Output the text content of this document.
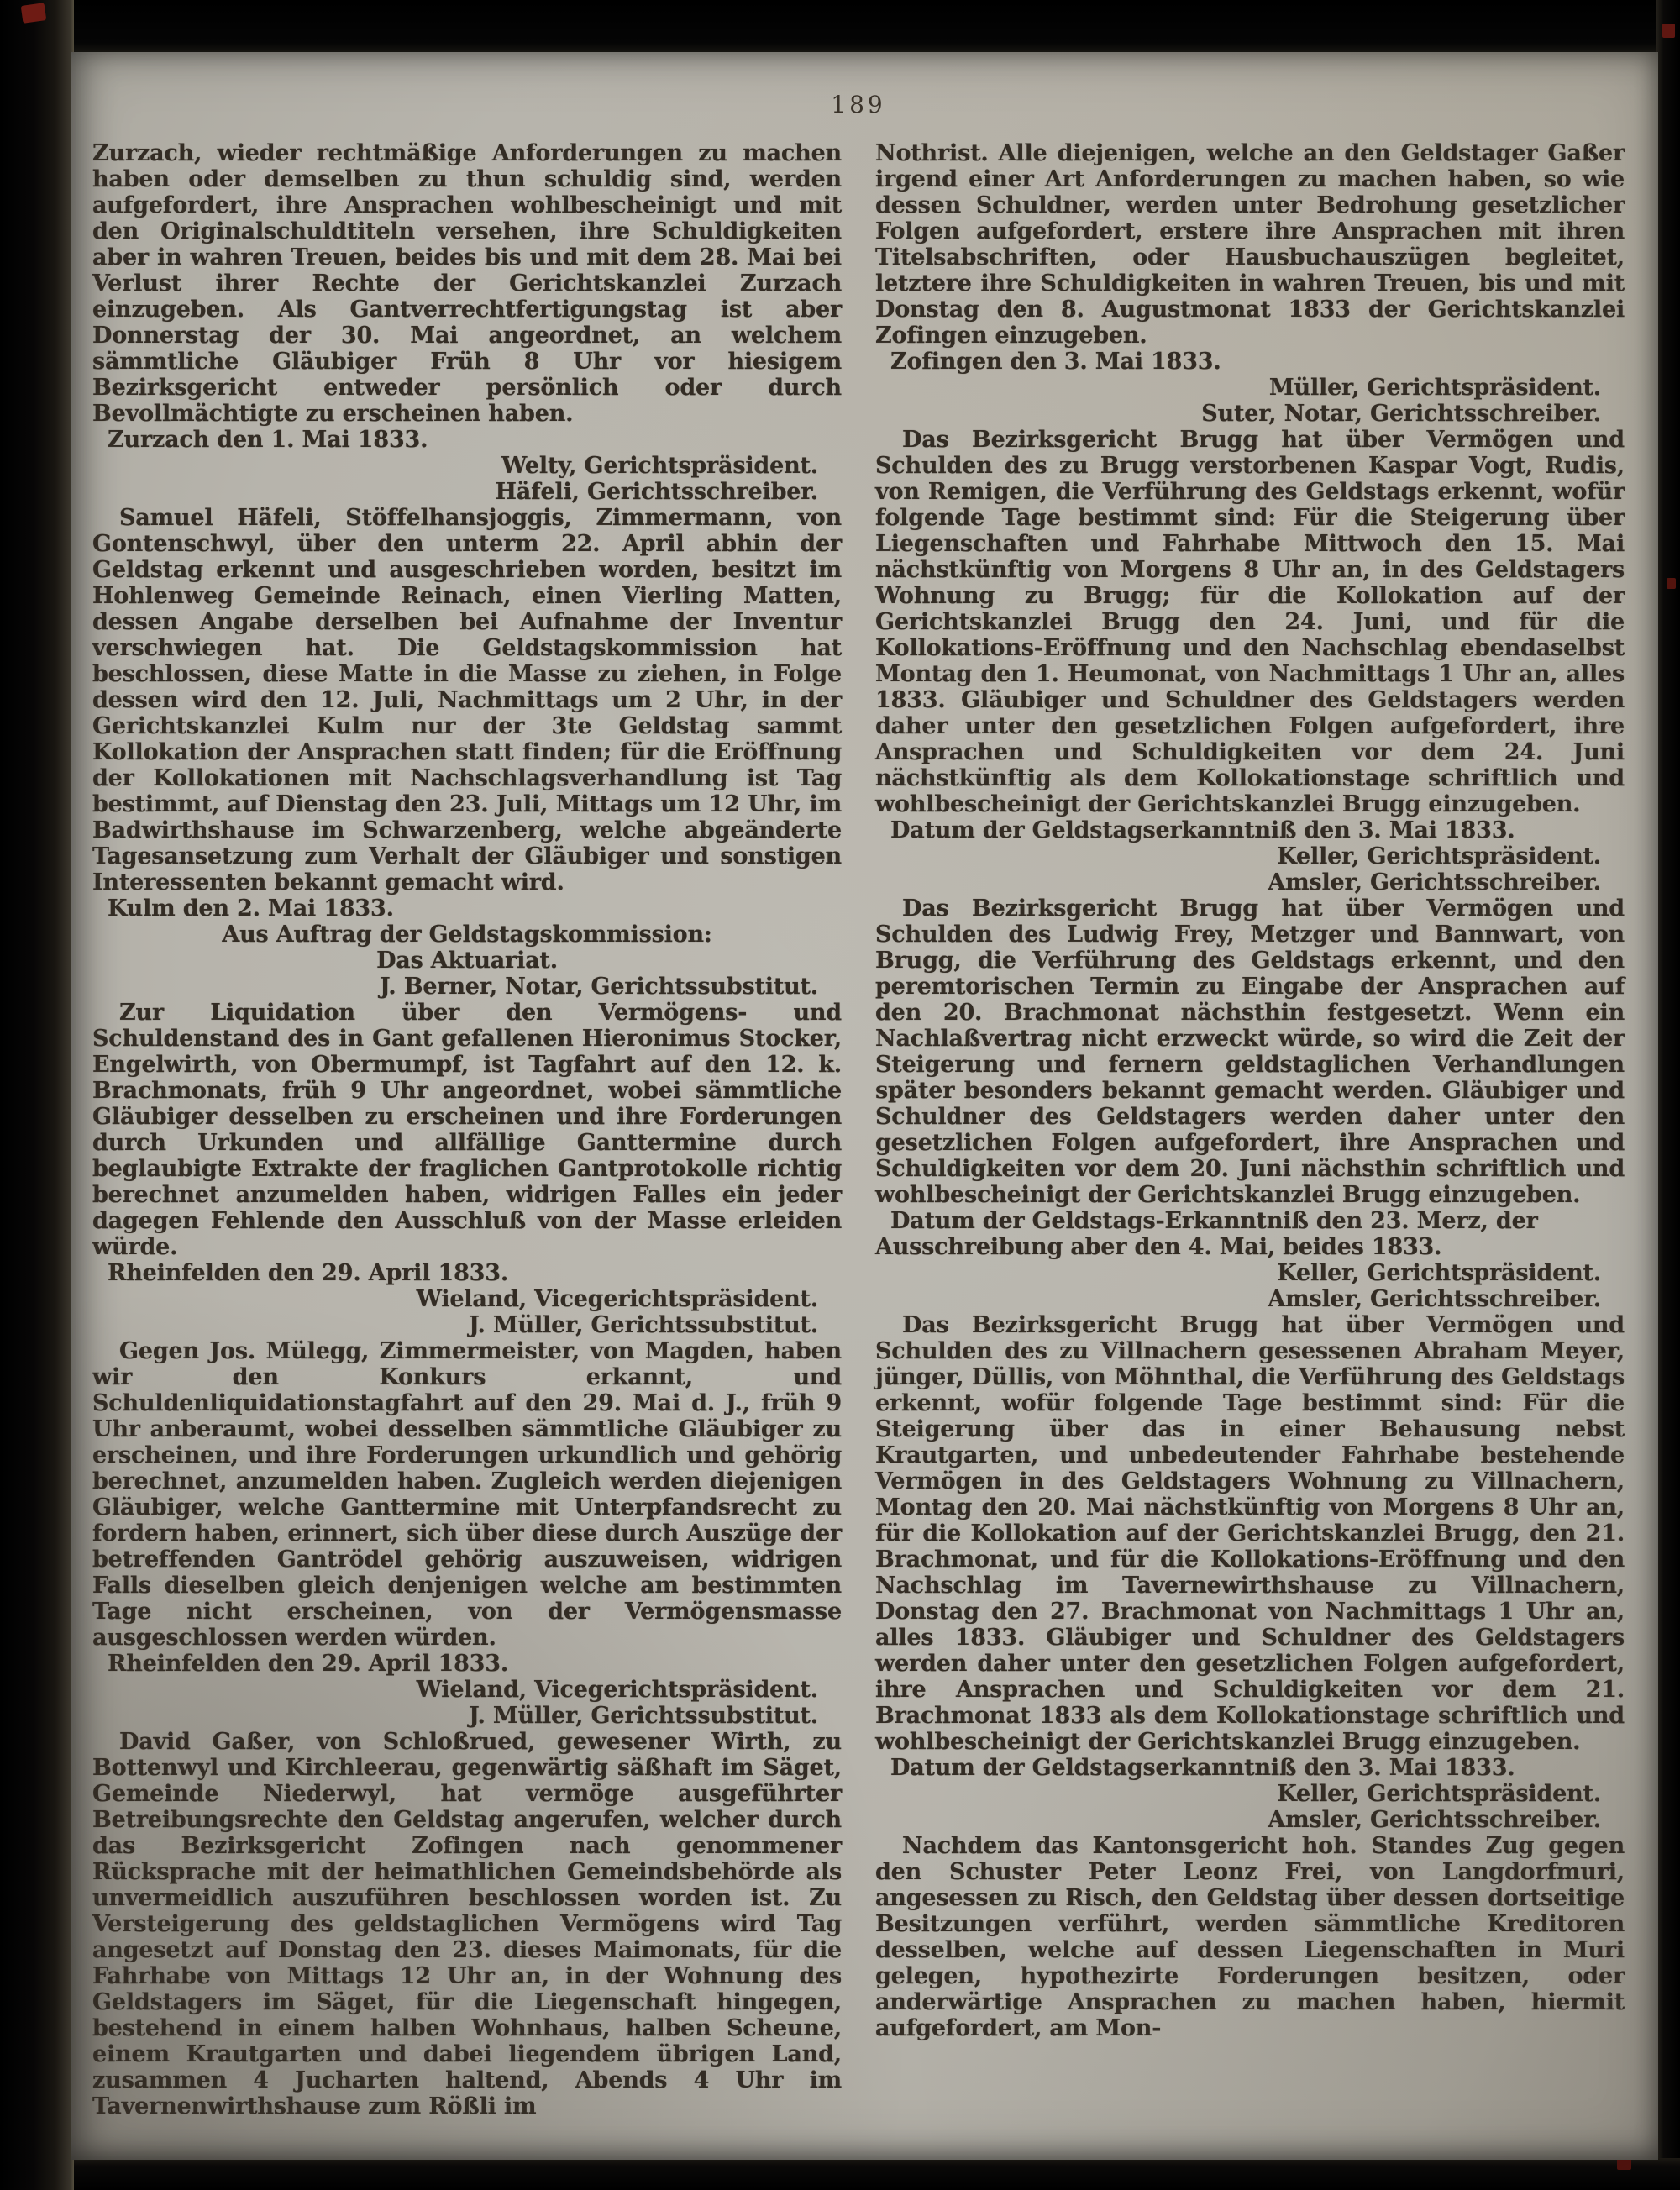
189
Zurzach, wieder rechtmäßige Anforderungen zu machen haben oder demselben zu thun schuldig sind, werden aufgefordert, ihre Ansprachen wohlbescheinigt und mit den Originalschuldtiteln versehen, ihre Schuldigkeiten aber in wahren Treuen, beides bis und mit dem 28. Mai bei Verlust ihrer Rechte der Gerichtskanzlei Zurzach einzugeben. Als Gantverrechtfertigungstag ist aber Donnerstag der 30. Mai angeordnet, an welchem sämmtliche Gläubiger Früh 8 Uhr vor hiesigem Bezirksgericht entweder persönlich oder durch Bevollmächtigte zu erscheinen haben.
Zurzach den 1. Mai 1833.
Welty, Gerichtspräsident.
Häfeli, Gerichtsschreiber.
Samuel Häfeli, Stöffelhansjoggis, Zimmermann, von Gontenschwyl, über den unterm 22. April abhin der Geldstag erkennt und ausgeschrieben worden, besitzt im Hohlenweg Gemeinde Reinach, einen Vierling Matten, dessen Angabe derselben bei Aufnahme der Inventur verschwiegen hat. Die Geldstagskommission hat beschlossen, diese Matte in die Masse zu ziehen, in Folge dessen wird den 12. Juli, Nachmittags um 2 Uhr, in der Gerichtskanzlei Kulm nur der 3te Geldstag sammt Kollokation der Ansprachen statt finden; für die Eröffnung der Kollokationen mit Nachschlagsverhandlung ist Tag bestimmt, auf Dienstag den 23. Juli, Mittags um 12 Uhr, im Badwirthshause im Schwarzenberg, welche abgeänderte Tagesansetzung zum Verhalt der Gläubiger und sonstigen Interessenten bekannt gemacht wird.
Kulm den 2. Mai 1833.
Aus Auftrag der Geldstagskommission:
Das Aktuariat.
J. Berner, Notar, Gerichtssubstitut.
Zur Liquidation über den Vermögens- und Schuldenstand des in Gant gefallenen Hieronimus Stocker, Engelwirth, von Obermumpf, ist Tagfahrt auf den 12. k. Brachmonats, früh 9 Uhr angeordnet, wobei sämmtliche Gläubiger desselben zu erscheinen und ihre Forderungen durch Urkunden und allfällige Ganttermine durch beglaubigte Extrakte der fraglichen Gantprotokolle richtig berechnet anzumelden haben, widrigen Falles ein jeder dagegen Fehlende den Ausschluß von der Masse erleiden würde.
Rheinfelden den 29. April 1833.
Wieland, Vicegerichtspräsident.
J. Müller, Gerichtssubstitut.
Gegen Jos. Mülegg, Zimmermeister, von Magden, haben wir den Konkurs erkannt, und Schuldenliquidationstagfahrt auf den 29. Mai d. J., früh 9 Uhr anberaumt, wobei desselben sämmtliche Gläubiger zu erscheinen, und ihre Forderungen urkundlich und gehörig berechnet, anzumelden haben. Zugleich werden diejenigen Gläubiger, welche Ganttermine mit Unterpfandsrecht zu fordern haben, erinnert, sich über diese durch Auszüge der betreffenden Gantrödel gehörig auszuweisen, widrigen Falls dieselben gleich denjenigen welche am bestimmten Tage nicht erscheinen, von der Vermögensmasse ausgeschlossen werden würden.
Rheinfelden den 29. April 1833.
Wieland, Vicegerichtspräsident.
J. Müller, Gerichtssubstitut.
David Gaßer, von Schloßrued, gewesener Wirth, zu Bottenwyl und Kirchleerau, gegenwärtig säßhaft im Säget, Gemeinde Niederwyl, hat vermöge ausgeführter Betreibungsrechte den Geldstag angerufen, welcher durch das Bezirksgericht Zofingen nach genommener Rücksprache mit der heimathlichen Gemeindsbehörde als unvermeidlich auszuführen beschlossen worden ist. Zu Versteigerung des geldstaglichen Vermögens wird Tag angesetzt auf Donstag den 23. dieses Maimonats, für die Fahrhabe von Mittags 12 Uhr an, in der Wohnung des Geldstagers im Säget, für die Liegenschaft hingegen, bestehend in einem halben Wohnhaus, halben Scheune, einem Krautgarten und dabei liegendem übrigen Land, zusammen 4 Jucharten haltend, Abends 4 Uhr im Tavernenwirthshause zum Rößli im
Nothrist. Alle diejenigen, welche an den Geldstager Gaßer irgend einer Art Anforderungen zu machen haben, so wie dessen Schuldner, werden unter Bedrohung gesetzlicher Folgen aufgefordert, erstere ihre Ansprachen mit ihren Titelsabschriften, oder Hausbuchauszügen begleitet, letztere ihre Schuldigkeiten in wahren Treuen, bis und mit Donstag den 8. Augustmonat 1833 der Gerichtskanzlei Zofingen einzugeben.
Zofingen den 3. Mai 1833.
Müller, Gerichtspräsident.
Suter, Notar, Gerichtsschreiber.
Das Bezirksgericht Brugg hat über Vermögen und Schulden des zu Brugg verstorbenen Kaspar Vogt, Rudis, von Remigen, die Verführung des Geldstags erkennt, wofür folgende Tage bestimmt sind: Für die Steigerung über Liegenschaften und Fahrhabe Mittwoch den 15. Mai nächstkünftig von Morgens 8 Uhr an, in des Geldstagers Wohnung zu Brugg; für die Kollokation auf der Gerichtskanzlei Brugg den 24. Juni, und für die Kollokations-Eröffnung und den Nachschlag ebendaselbst Montag den 1. Heumonat, von Nachmittags 1 Uhr an, alles 1833. Gläubiger und Schuldner des Geldstagers werden daher unter den gesetzlichen Folgen aufgefordert, ihre Ansprachen und Schuldigkeiten vor dem 24. Juni nächstkünftig als dem Kollokationstage schriftlich und wohlbescheinigt der Gerichtskanzlei Brugg einzugeben.
Datum der Geldstagserkanntniß den 3. Mai 1833.
Keller, Gerichtspräsident.
Amsler, Gerichtsschreiber.
Das Bezirksgericht Brugg hat über Vermögen und Schulden des Ludwig Frey, Metzger und Bannwart, von Brugg, die Verführung des Geldstags erkennt, und den peremtorischen Termin zu Eingabe der Ansprachen auf den 20. Brachmonat nächsthin festgesetzt. Wenn ein Nachlaßvertrag nicht erzweckt würde, so wird die Zeit der Steigerung und fernern geldstaglichen Verhandlungen später besonders bekannt gemacht werden. Gläubiger und Schuldner des Geldstagers werden daher unter den gesetzlichen Folgen aufgefordert, ihre Ansprachen und Schuldigkeiten vor dem 20. Juni nächsthin schriftlich und wohlbescheinigt der Gerichtskanzlei Brugg einzugeben.
Datum der Geldstags-Erkanntniß den 23. Merz, der Ausschreibung aber den 4. Mai, beides 1833.
Keller, Gerichtspräsident.
Amsler, Gerichtsschreiber.
Das Bezirksgericht Brugg hat über Vermögen und Schulden des zu Villnachern gesessenen Abraham Meyer, jünger, Düllis, von Möhnthal, die Verführung des Geldstags erkennt, wofür folgende Tage bestimmt sind: Für die Steigerung über das in einer Behausung nebst Krautgarten, und unbedeutender Fahrhabe bestehende Vermögen in des Geldstagers Wohnung zu Villnachern, Montag den 20. Mai nächstkünftig von Morgens 8 Uhr an, für die Kollokation auf der Gerichtskanzlei Brugg, den 21. Brachmonat, und für die Kollokations-Eröffnung und den Nachschlag im Tavernewirthshause zu Villnachern, Donstag den 27. Brachmonat von Nachmittags 1 Uhr an, alles 1833. Gläubiger und Schuldner des Geldstagers werden daher unter den gesetzlichen Folgen aufgefordert, ihre Ansprachen und Schuldigkeiten vor dem 21. Brachmonat 1833 als dem Kollokationstage schriftlich und wohlbescheinigt der Gerichtskanzlei Brugg einzugeben.
Datum der Geldstagserkanntniß den 3. Mai 1833.
Keller, Gerichtspräsident.
Amsler, Gerichtsschreiber.
Nachdem das Kantonsgericht hoh. Standes Zug gegen den Schuster Peter Leonz Frei, von Langdorfmuri, angesessen zu Risch, den Geldstag über dessen dortseitige Besitzungen verführt, werden sämmtliche Kreditoren desselben, welche auf dessen Liegenschaften in Muri gelegen, hypothezirte Forderungen besitzen, oder anderwärtige Ansprachen zu machen haben, hiermit aufgefordert, am Mon-
